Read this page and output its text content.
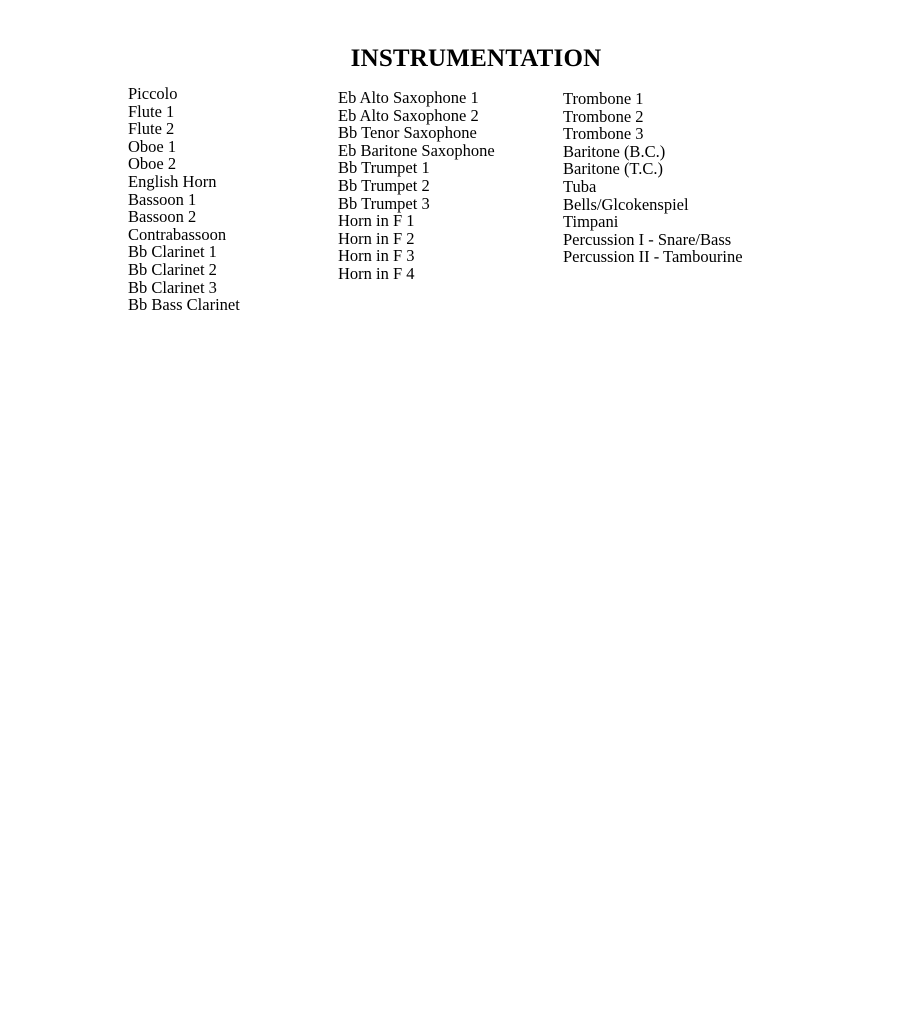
INSTRUMENTATION
Piccolo
Flute 1
Flute 2
Oboe 1
Oboe 2
English Horn
Bassoon 1
Bassoon 2
Contrabassoon
Bb Clarinet 1
Bb Clarinet 2
Bb Clarinet 3
Bb Bass Clarinet
Eb Alto Saxophone 1
Eb Alto Saxophone 2
Bb Tenor Saxophone
Eb Baritone Saxophone
Bb Trumpet 1
Bb Trumpet 2
Bb Trumpet 3
Horn in F 1
Horn in F 2
Horn in F 3
Horn in F 4
Trombone 1
Trombone 2
Trombone 3
Baritone (B.C.)
Baritone (T.C.)
Tuba
Bells/Glcokenspiel
Timpani
Percussion I - Snare/Bass
Percussion II - Tambourine
